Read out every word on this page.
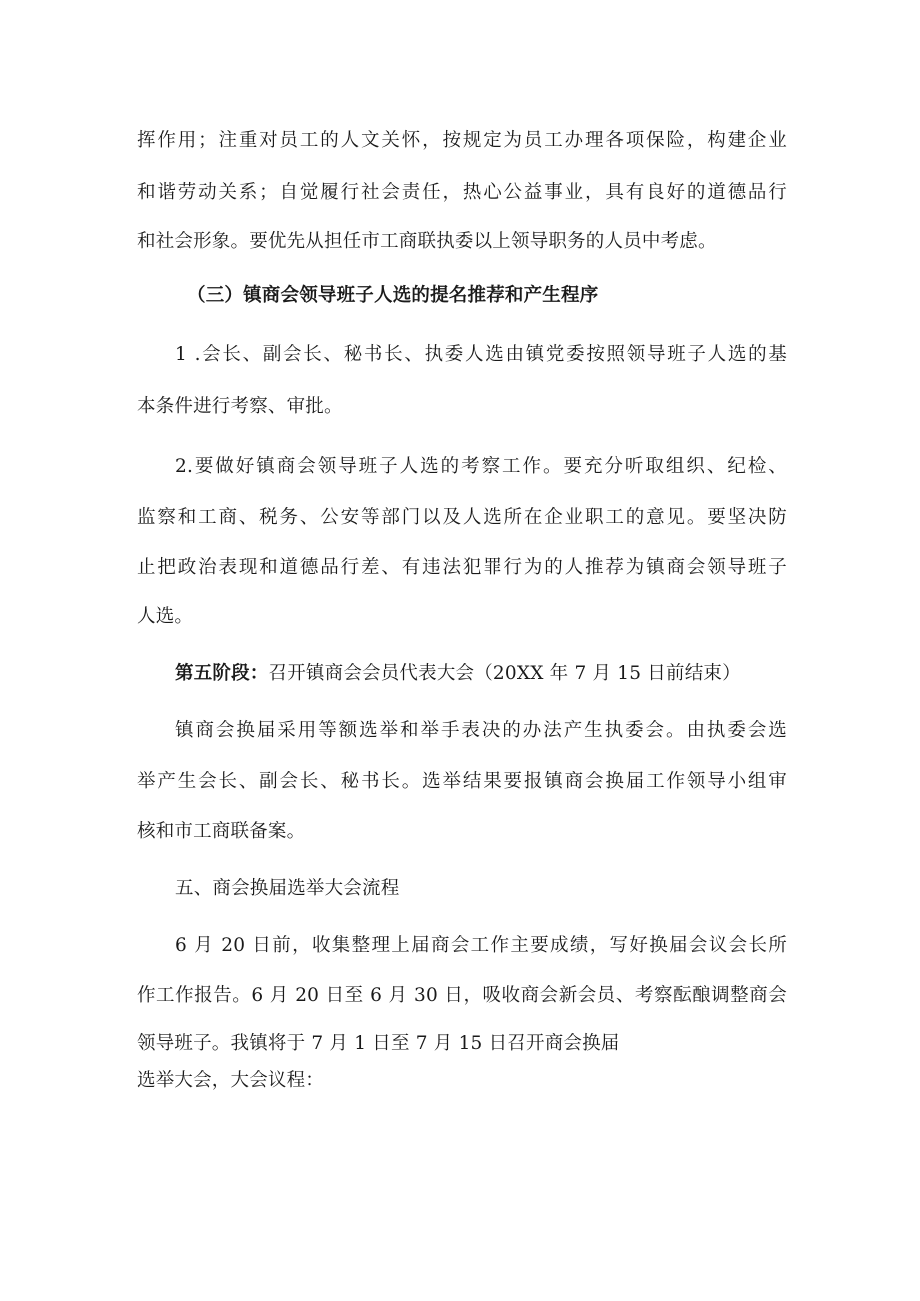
挥作用；注重对员工的人文关怀，按规定为员工办理各项保险，构建企业
和谐劳动关系；自觉履行社会责任，热心公益事业，具有良好的道德品行
和社会形象。要优先从担任市工商联执委以上领导职务的人员中考虑。
（三）镇商会领导班子人选的提名推荐和产生程序
1 .会长、副会长、秘书长、执委人选由镇党委按照领导班子人选的基
本条件进行考察、审批。
2.要做好镇商会领导班子人选的考察工作。要充分听取组织、纪检、
监察和工商、税务、公安等部门以及人选所在企业职工的意见。要坚决防
止把政治表现和道德品行差、有违法犯罪行为的人推荐为镇商会领导班子
人选。
第五阶段：召开镇商会会员代表大会（20XX 年 7 月 15 日前结束）
镇商会换届采用等额选举和举手表决的办法产生执委会。由执委会选
举产生会长、副会长、秘书长。选举结果要报镇商会换届工作领导小组审
核和市工商联备案。
五、商会换届选举大会流程
6 月 20 日前，收集整理上届商会工作主要成绩，写好换届会议会长所
作工作报告。6 月 20 日至 6 月 30 日，吸收商会新会员、考察酝酿调整商会
领导班子。我镇将于 7 月 1 日至 7 月 15 日召开商会换届
选举大会，大会议程：
